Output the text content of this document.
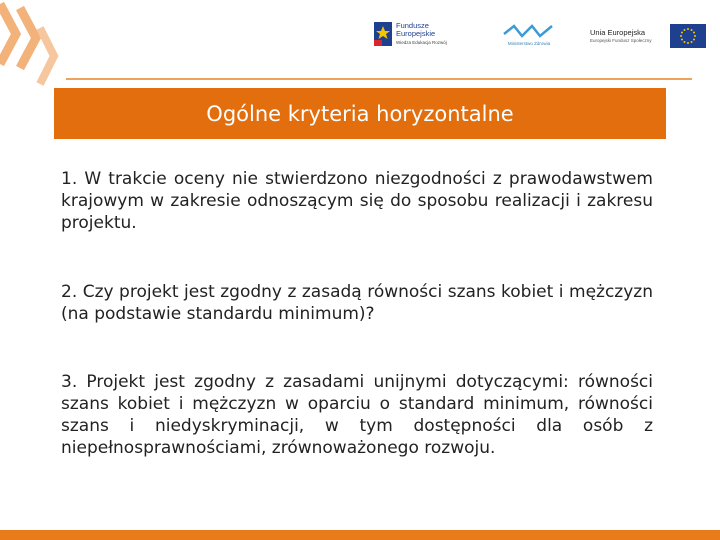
Fundusze
Europejskie
Wiedza Edukacja Rozwój	Ministerstwo Zdrowia
Unia Europejska
Europejski Fundusz Społeczny
Ogólne kryteria horyzontalne

1. W trakcie oceny nie stwierdzono niezgodności z prawodawstwem krajowym w zakresie odnoszącym się do sposobu realizacji i zakresu projektu.

2. Czy projekt jest zgodny z zasadą równości szans kobiet i mężczyzn (na podstawie standardu minimum)?

3. Projekt jest zgodny z zasadami unijnymi dotyczącymi: równości szans kobiet i mężczyzn w oparciu o standard minimum, równości szans i niedyskryminacji, w tym dostępności dla osób z niepełnosprawnościami, zrównoważonego rozwoju.
